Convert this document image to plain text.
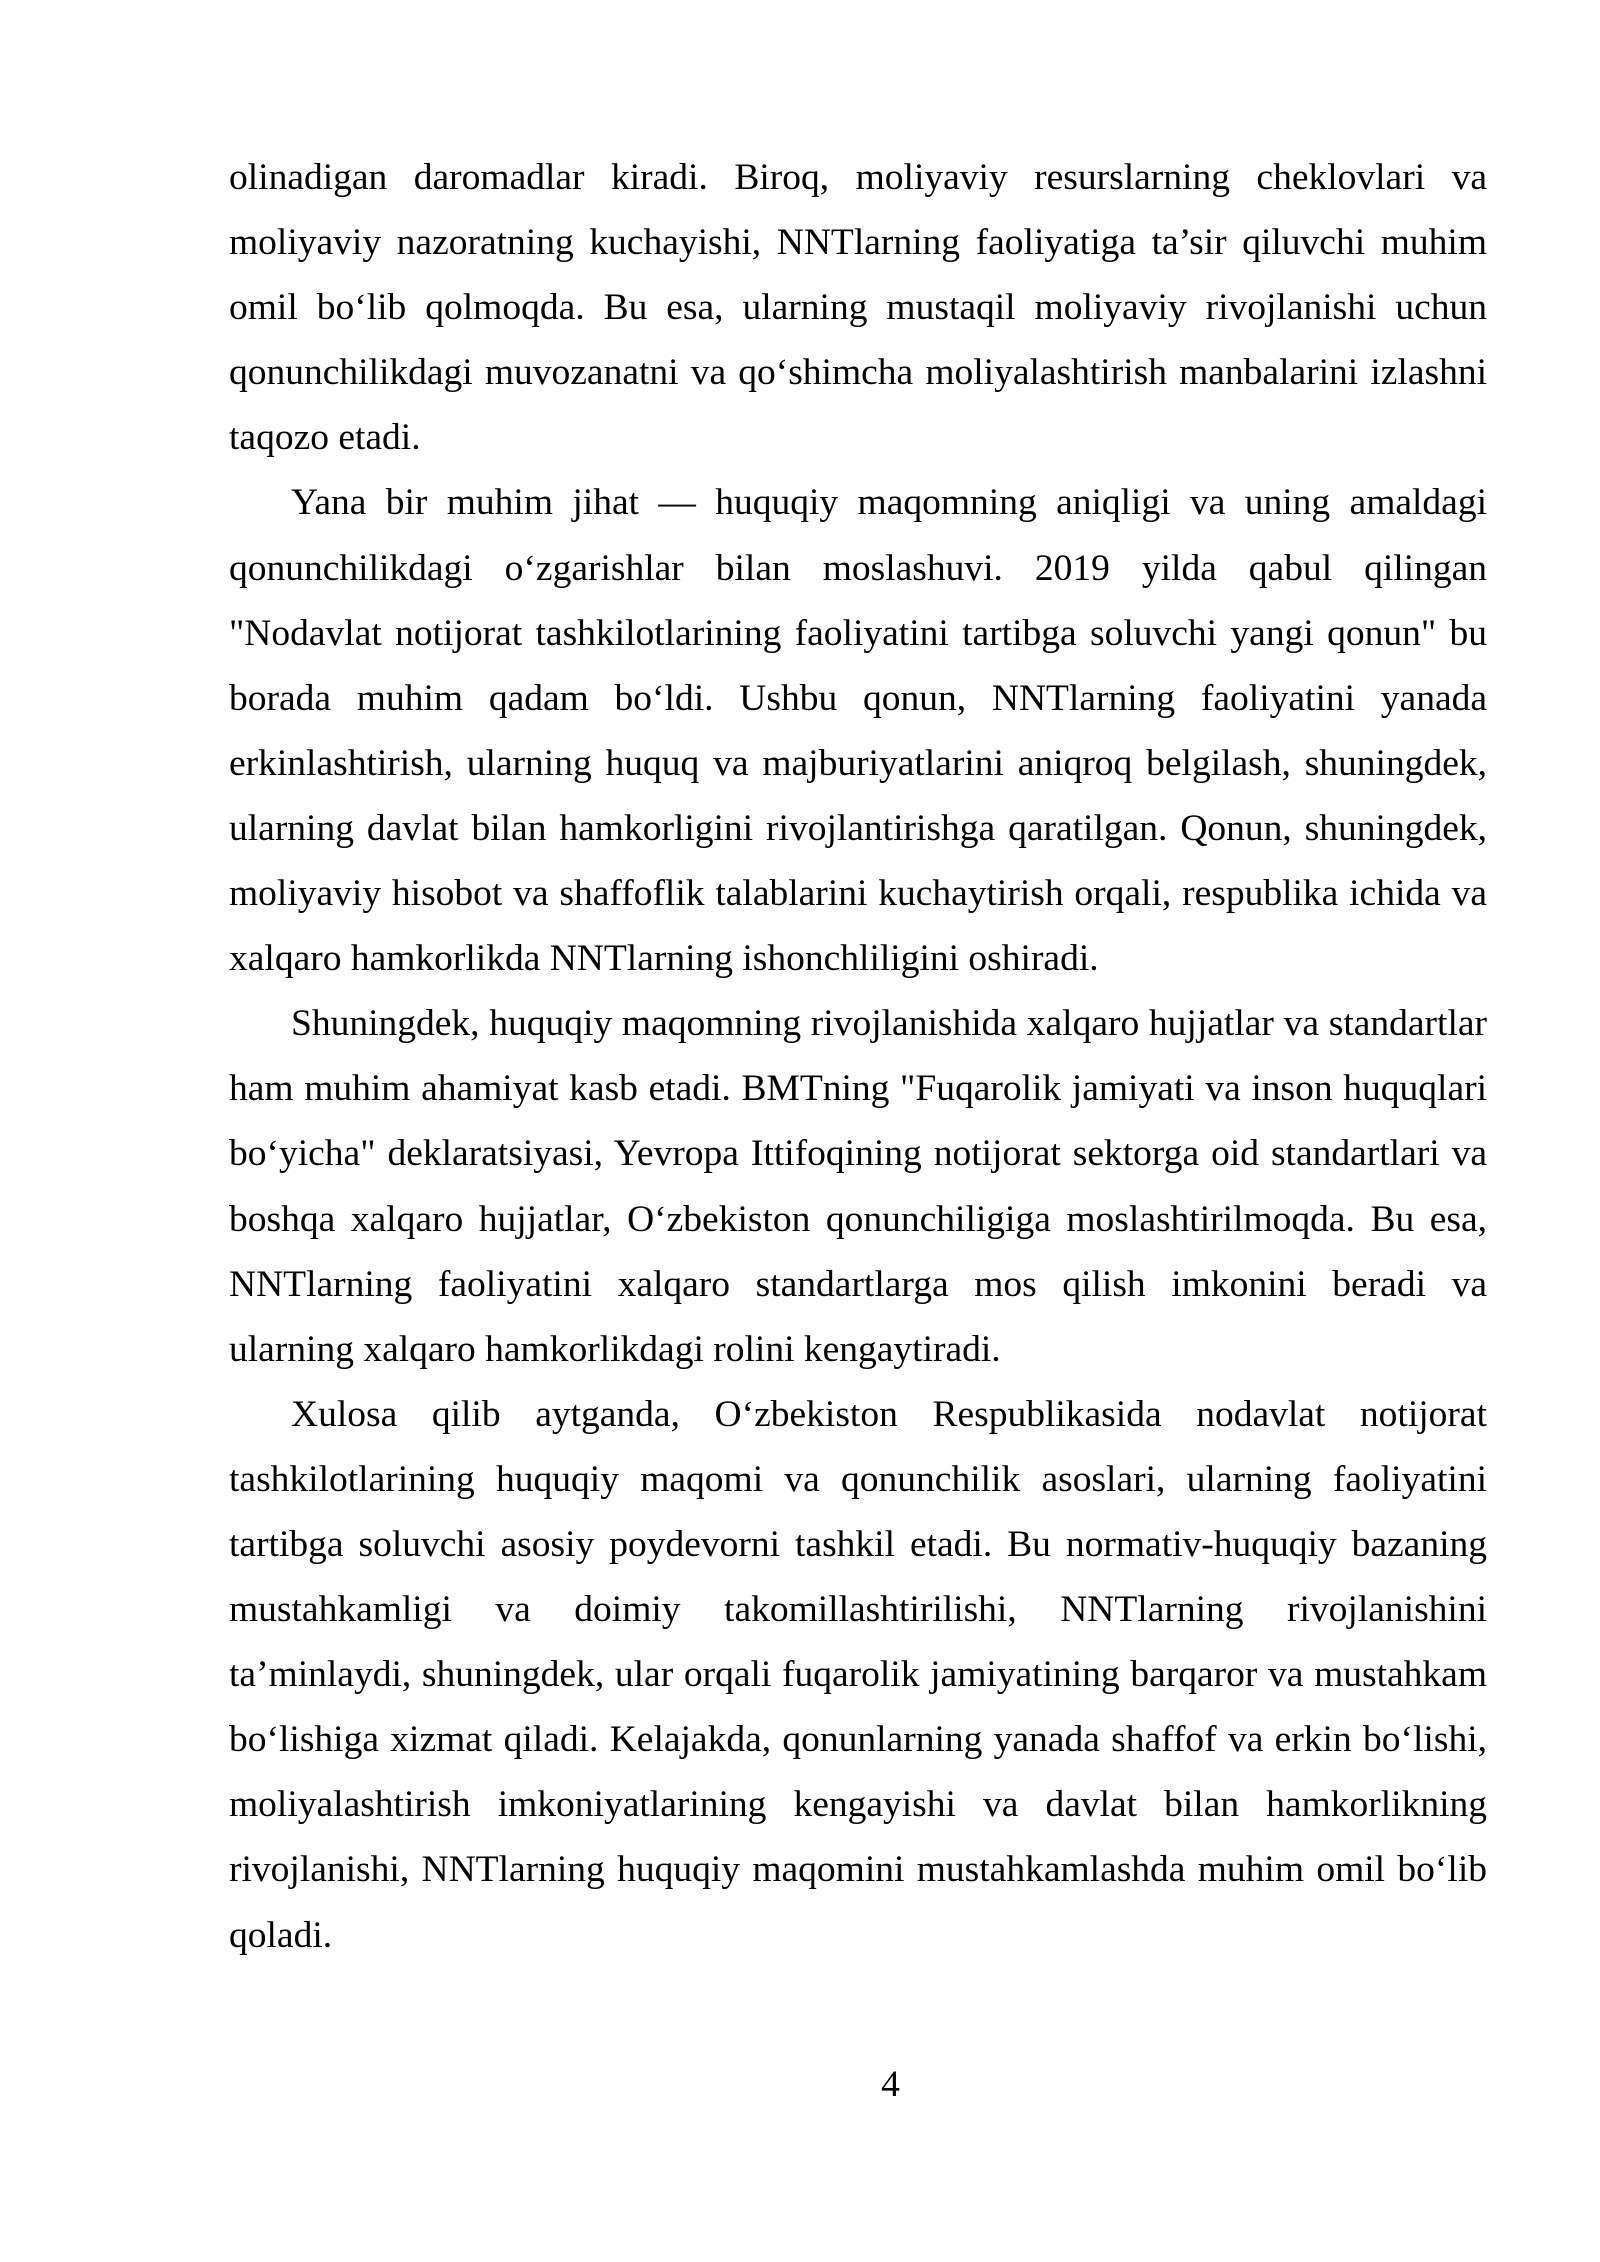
olinadigan daromadlar kiradi. Biroq, moliyaviy resurslarning cheklovlari va moliyaviy nazoratning kuchayishi, NNTlarning faoliyatiga ta’sir qiluvchi muhim omil bo‘lib qolmoqda. Bu esa, ularning mustaqil moliyaviy rivojlanishi uchun qonunchilikdagi muvozanatni va qo‘shimcha moliyalashtirish manbalarini izlashni taqozo etadi.

Yana bir muhim jihat — huquqiy maqomning aniqligi va uning amaldagi qonunchilikdagi o‘zgarishlar bilan moslashuvi. 2019 yilda qabul qilingan "Nodavlat notijorat tashkilotlarining faoliyatini tartibga soluvchi yangi qonun" bu borada muhim qadam bo‘ldi. Ushbu qonun, NNTlarning faoliyatini yanada erkinlashtirish, ularning huquq va majburiyatlarini aniqroq belgilash, shuningdek, ularning davlat bilan hamkorligini rivojlantirishga qaratilgan. Qonun, shuningdek, moliyaviy hisobot va shaffoflik talablarini kuchaytirish orqali, respublika ichida va xalqaro hamkorlikda NNTlarning ishonchliligini oshiradi.

Shuningdek, huquqiy maqomning rivojlanishida xalqaro hujjatlar va standartlar ham muhim ahamiyat kasb etadi. BMTning "Fuqarolik jamiyati va inson huquqlari bo‘yicha" deklaratsiyasi, Yevropa Ittifoqining notijorat sektorga oid standartlari va boshqa xalqaro hujjatlar, O‘zbekiston qonunchiligiga moslashtirilmoqda. Bu esa, NNTlarning faoliyatini xalqaro standartlarga mos qilish imkonini beradi va ularning xalqaro hamkorlikdagi rolini kengaytiradi.

Xulosa qilib aytganda, O‘zbekiston Respublikasida nodavlat notijorat tashkilotlarining huquqiy maqomi va qonunchilik asoslari, ularning faoliyatini tartibga soluvchi asosiy poydevorni tashkil etadi. Bu normativ-huquqiy bazaning mustahkamligi va doimiy takomillashtirilishi, NNTlarning rivojlanishini ta’minlaydi, shuningdek, ular orqali fuqarolik jamiyatining barqaror va mustahkam bo‘lishiga xizmat qiladi. Kelajakda, qonunlarning yanada shaffof va erkin bo‘lishi, moliyalashtirish imkoniyatlarining kengayishi va davlat bilan hamkorlikning rivojlanishi, NNTlarning huquqiy maqomini mustahkamlashda muhim omil bo‘lib qoladi.

4
